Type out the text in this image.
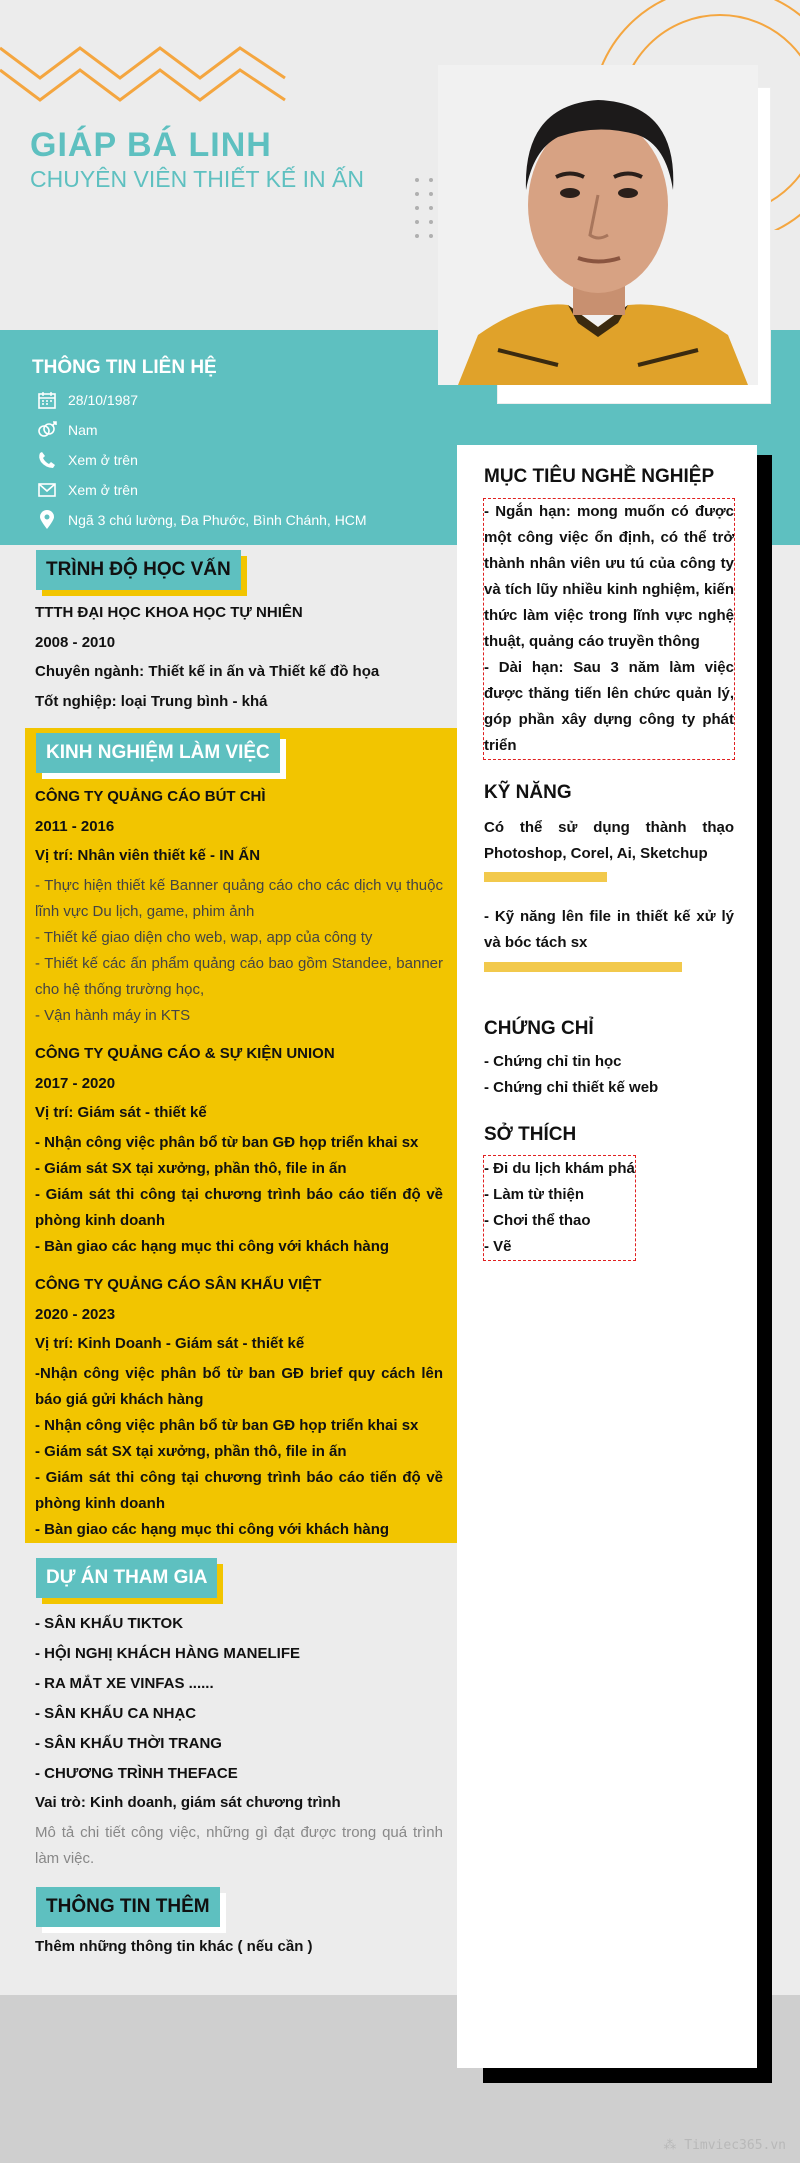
GIÁP BÁ LINH
CHUYÊN VIÊN THIẾT KẾ IN ẤN
THÔNG TIN LIÊN HỆ
28/10/1987
Nam
Xem ở trên
Xem ở trên
Ngã 3 chú lường, Đa Phước, Bình Chánh, HCM
TRÌNH ĐỘ HỌC VẤN
TTTH ĐẠI HỌC KHOA HỌC TỰ NHIÊN
2008 - 2010
Chuyên ngành: Thiết kế in ấn và Thiết kế đồ họa
Tốt nghiệp: loại Trung bình - khá
KINH NGHIỆM LÀM VIỆC
CÔNG TY QUẢNG CÁO BÚT CHÌ
2011 - 2016
Vị trí: Nhân viên thiết kế - IN ẤN
- Thực hiện thiết kế Banner quảng cáo cho các dịch vụ thuộc lĩnh vực Du lịch, game, phim ảnh
- Thiết kế giao diện cho web, wap, app của công ty
- Thiết kế các ấn phẩm quảng cáo bao gồm Standee, banner cho hệ thống trường học,
- Vận hành máy in KTS
CÔNG TY QUẢNG CÁO & SỰ KIỆN UNION
2017 - 2020
Vị trí: Giám sát - thiết kế
- Nhận công việc phân bổ từ ban GĐ họp triển khai sx
- Giám sát SX tại xưởng, phần thô, file in ấn
- Giám sát thi công tại chương trình báo cáo tiến độ về phòng kinh doanh
- Bàn giao các hạng mục thi công với khách hàng
CÔNG TY QUẢNG CÁO SÂN KHẤU VIỆT
2020 - 2023
Vị trí: Kinh Doanh - Giám sát - thiết kế
-Nhận công việc phân bổ từ ban GĐ brief quy cách lên báo giá gửi khách hàng
- Nhận công việc phân bổ từ ban GĐ họp triển khai sx
- Giám sát SX tại xưởng, phần thô, file in ấn
- Giám sát thi công tại chương trình báo cáo tiến độ về phòng kinh doanh
- Bàn giao các hạng mục thi công với khách hàng
DỰ ÁN THAM GIA
- SÂN KHẤU TIKTOK
- HỘI NGHỊ KHÁCH HÀNG MANELIFE
- RA MẮT XE VINFAS ......
- SÂN KHẤU CA NHẠC
- SÂN KHẤU THỜI TRANG
- CHƯƠNG TRÌNH THEFACE
Vai trò: Kinh doanh, giám sát chương trình
Mô tả chi tiết công việc, những gì đạt được trong quá trình làm việc.
THÔNG TIN THÊM
Thêm những thông tin khác ( nếu cần )
MỤC TIÊU NGHỀ NGHIỆP
- Ngắn hạn: mong muốn có được một công việc ổn định, có thể trở thành nhân viên ưu tú của công ty và tích lũy nhiều kinh nghiệm, kiến thức làm việc trong lĩnh vực nghệ thuật, quảng cáo truyền thông
- Dài hạn: Sau 3 năm làm việc được thăng tiến lên chức quản lý, góp phần xây dựng công ty phát triển
KỸ NĂNG
Có thể sử dụng thành thạo Photoshop, Corel, Ai, Sketchup
- Kỹ năng lên file in thiết kế xử lý và bóc tách sx
CHỨNG CHỈ
- Chứng chỉ tin học
- Chứng chỉ thiết kế web
SỞ THÍCH
- Đi du lịch khám phá
- Làm từ thiện
- Chơi thể thao
- Vẽ
⁂ Timviec365.vn
